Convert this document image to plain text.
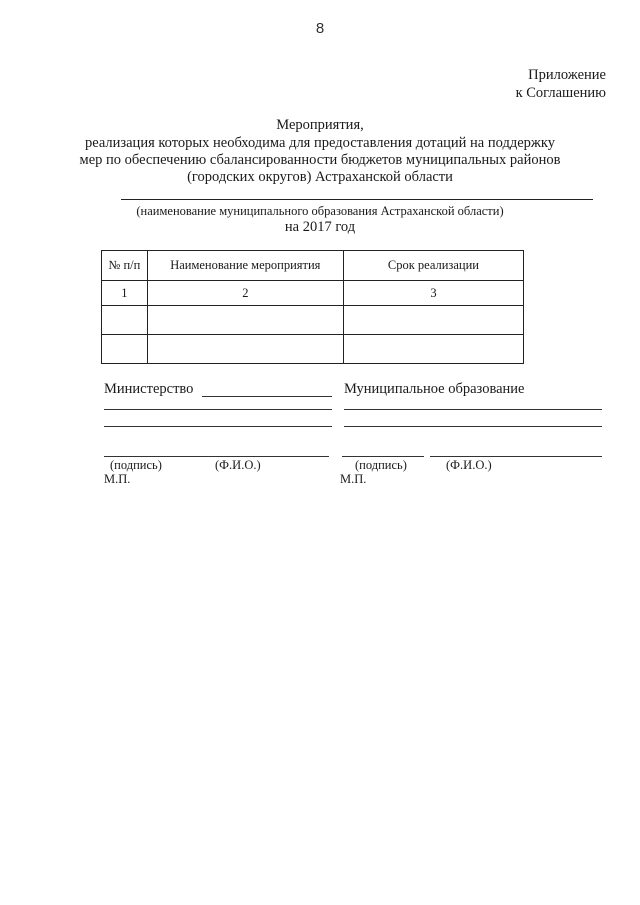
8
Приложение
к Соглашению
Мероприятия,
реализация которых необходима для предоставления дотаций на поддержку
мер по обеспечению сбалансированности бюджетов муниципальных районов
(городских округов) Астраханской области
(наименование муниципального образования Астраханской области)
на 2017 год
№ п/п	Наименование мероприятия	Срок реализации
1	2	3

Министерство
(подпись)	(Ф.И.О.)
М.П.
Муниципальное образование
(подпись)	(Ф.И.О.)
М.П.
